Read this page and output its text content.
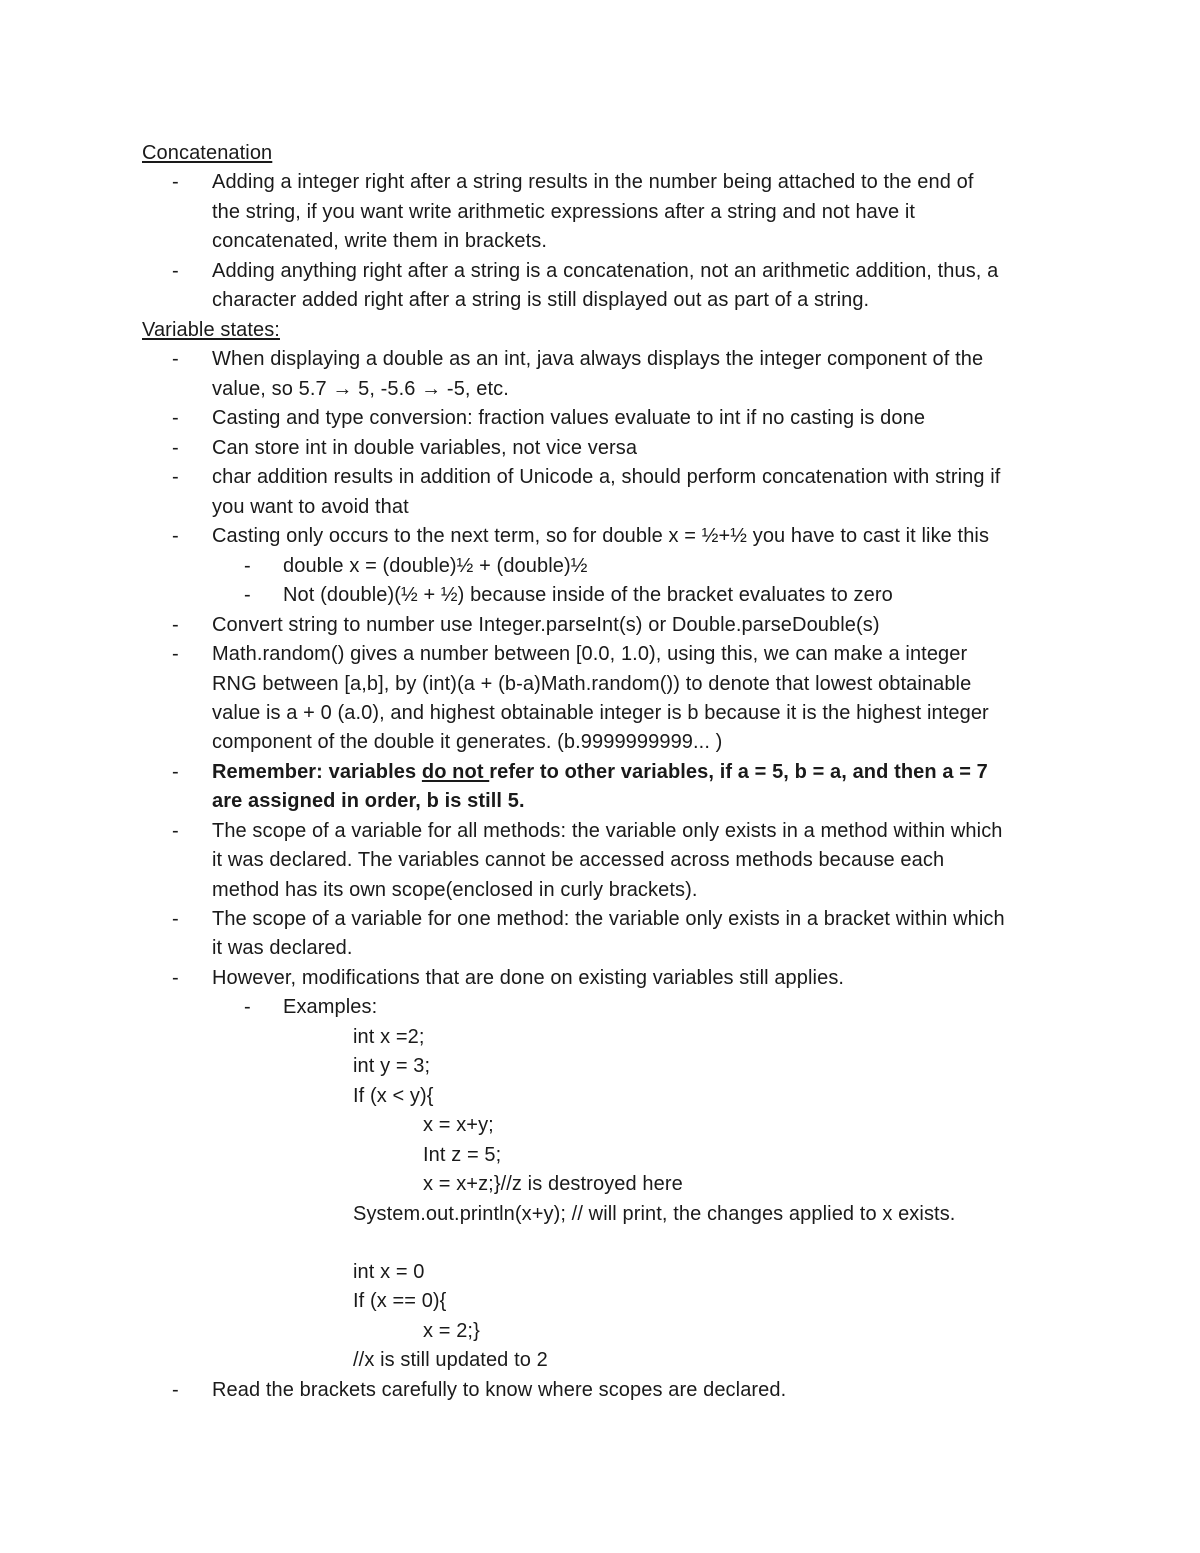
Concatenation
- Adding a integer right after a string results in the number being attached to the end of
the string, if you want write arithmetic expressions after a string and not have it
concatenated, write them in brackets.
- Adding anything right after a string is a concatenation, not an arithmetic addition, thus, a
character added right after a string is still displayed out as part of a string.
Variable states:
- When displaying a double as an int, java always displays the integer component of the
value, so 5.7 → 5, -5.6 → -5, etc.
- Casting and type conversion: fraction values evaluate to int if no casting is done
- Can store int in double variables, not vice versa
- char addition results in addition of Unicode a, should perform concatenation with string if
you want to avoid that
- Casting only occurs to the next term, so for double x = ½+½ you have to cast it like this
- double x = (double)½ + (double)½
- Not (double)(½ + ½) because inside of the bracket evaluates to zero
- Convert string to number use Integer.parseInt(s) or Double.parseDouble(s)
- Math.random() gives a number between [0.0, 1.0), using this, we can make a integer
RNG between [a,b], by (int)(a + (b-a)Math.random()) to denote that lowest obtainable
value is a + 0 (a.0), and highest obtainable integer is b because it is the highest integer
component of the double it generates. (b.9999999999... )
- Remember: variables do not refer to other variables, if a = 5, b = a, and then a = 7
are assigned in order, b is still 5.
- The scope of a variable for all methods: the variable only exists in a method within which
it was declared. The variables cannot be accessed across methods because each
method has its own scope(enclosed in curly brackets).
- The scope of a variable for one method: the variable only exists in a bracket within which
it was declared.
- However, modifications that are done on existing variables still applies.
- Examples:
int x =2;
int y = 3;
If (x < y){
x = x+y;
Int z = 5;
x = x+z;}//z is destroyed here
System.out.println(x+y); // will print, the changes applied to x exists.
int x = 0
If (x == 0){
x = 2;}
//x is still updated to 2
- Read the brackets carefully to know where scopes are declared.
